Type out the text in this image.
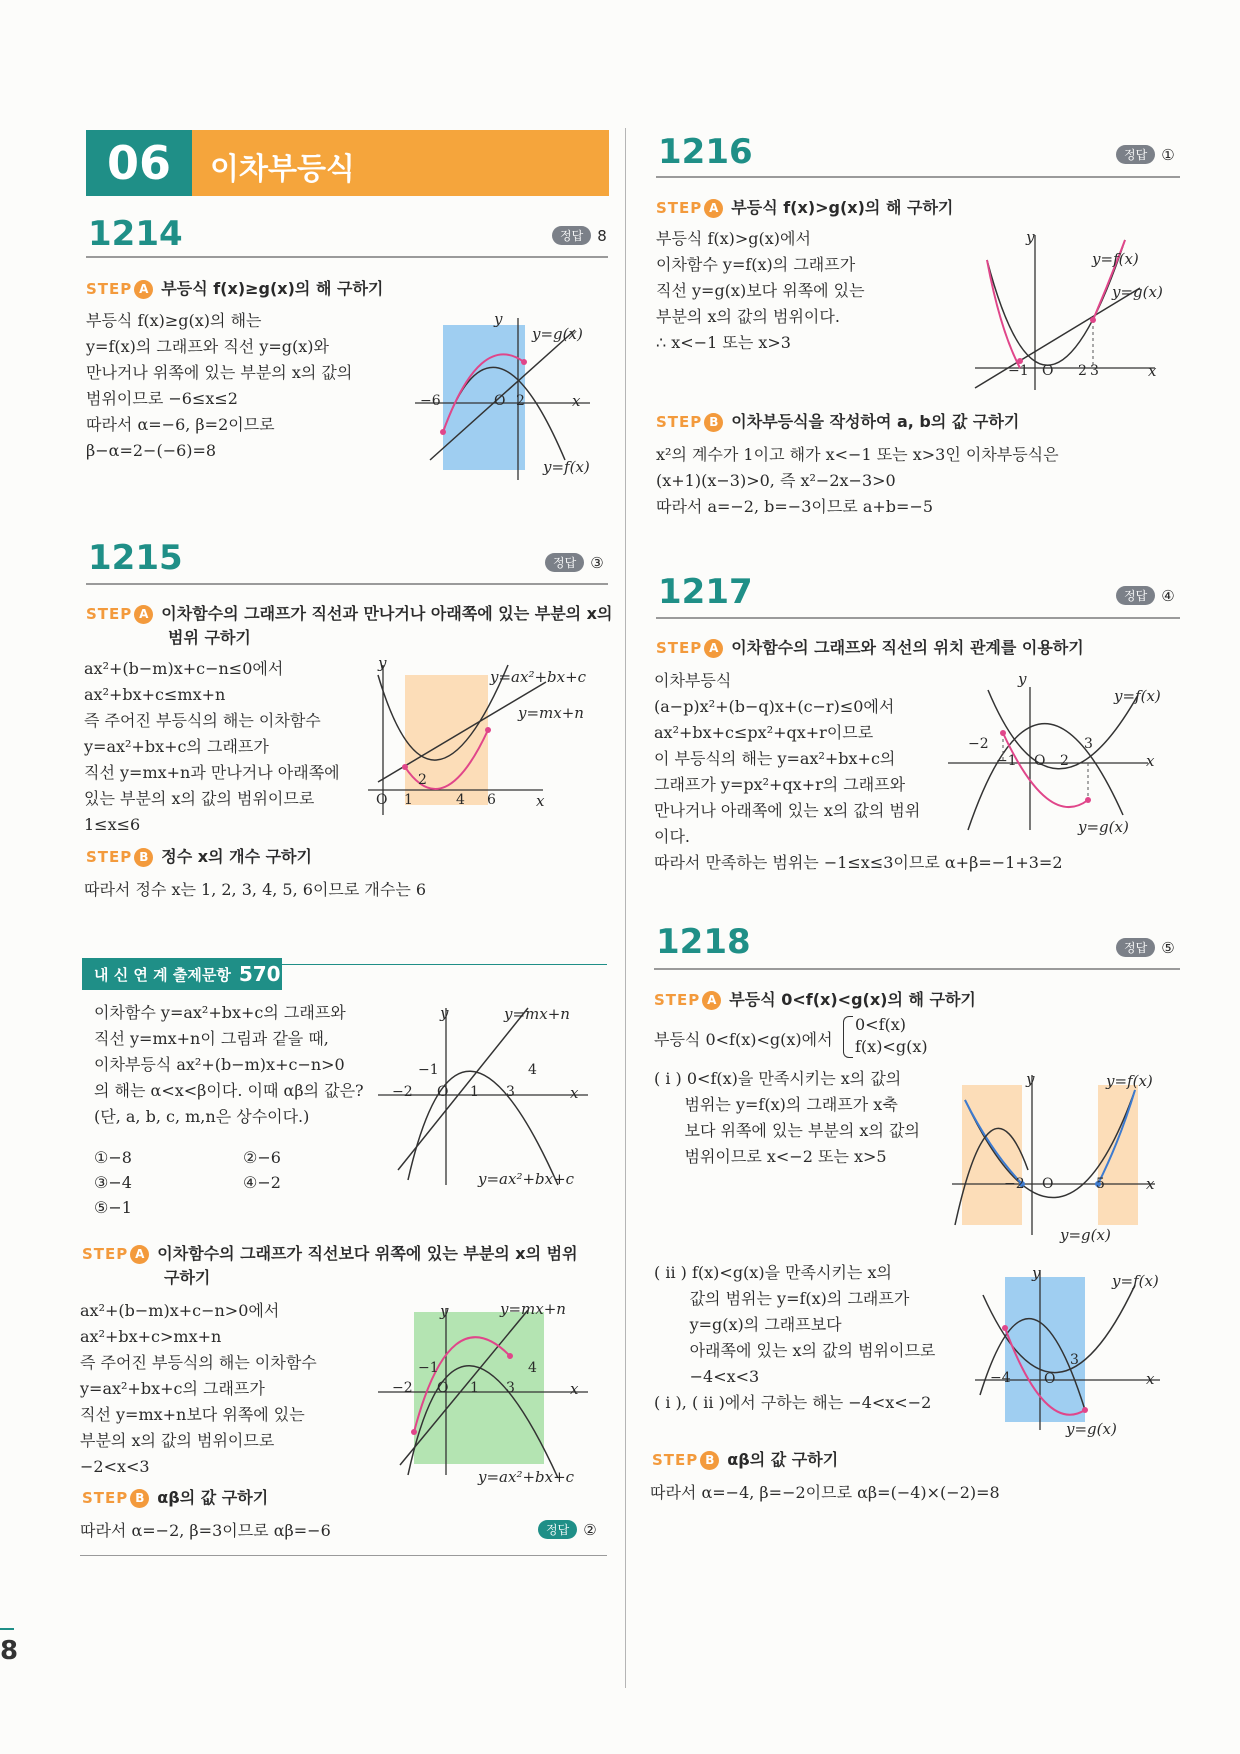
06	이차부등식
1214	정답 8
STEP A 부등식 f(x)≥g(x)의 해 구하기
부등식 f(x)≥g(x)의 해는
y=f(x)의 그래프와 직선 y=g(x)와
만나거나 위쪽에 있는 부분의 x의 값의
범위이므로 −6≤x≤2
따라서 α=−6, β=2이므로
β−α=2−(−6)=8
y
x
O
−6	2
y=g(x)
y=f(x)
1215	정답 ③
STEP A 이차함수의 그래프가 직선과 만나거나 아래쪽에 있는 부분의 x의
범위 구하기
ax²+(b−m)x+c−n≤0에서
ax²+bx+c≤mx+n
즉 주어진 부등식의 해는 이차함수
y=ax²+bx+c의 그래프가
직선 y=mx+n과 만나거나 아래쪽에
있는 부분의 x의 값의 범위이므로
1≤x≤6
y
x
O 1	4 6
2
y=ax²+bx+c
y=mx+n
STEP B 정수 x의 개수 구하기
따라서 정수 x는 1, 2, 3, 4, 5, 6이므로 개수는 6
내 신 연 계 출제문항 570
이차함수 y=ax²+bx+c의 그래프와
직선 y=mx+n이 그림과 같을 때,
이차부등식 ax²+(b−m)x+c−n>0
의 해는 α<x<β이다. 이때 αβ의 값은?
(단, a, b, c, m,n은 상수이다.)
①−8	②−6
③−4	④−2
⑤−1
y
x
O
−2
−1
1 3
4
y=mx+n
y=ax²+bx+c
STEP A 이차함수의 그래프가 직선보다 위쪽에 있는 부분의 x의 범위
구하기
ax²+(b−m)x+c−n>0에서
ax²+bx+c>mx+n
즉 주어진 부등식의 해는 이차함수
y=ax²+bx+c의 그래프가
직선 y=mx+n보다 위쪽에 있는
부분의 x의 값의 범위이므로
−2<x<3
y
x
O
−2
−1
1 3
4
y=mx+n
y=ax²+bx+c
STEP B αβ의 값 구하기
따라서 α=−2, β=3이므로 αβ=−6	정답 ②
1216	정답 ①
STEP A 부등식 f(x)>g(x)의 해 구하기
부등식 f(x)>g(x)에서
이차함수 y=f(x)의 그래프가
직선 y=g(x)보다 위쪽에 있는
부분의 x의 값의 범위이다.
∴ x<−1 또는 x>3
y
x
O
−1	2 3
y=f(x)
y=g(x)
STEP B 이차부등식을 작성하여 a, b의 값 구하기
x²의 계수가 1이고 해가 x<−1 또는 x>3인 이차부등식은
(x+1)(x−3)>0, 즉 x²−2x−3>0
따라서 a=−2, b=−3이므로 a+b=−5
1217	정답 ④
STEP A 이차함수의 그래프와 직선의 위치 관계를 이용하기
이차부등식
(a−p)x²+(b−q)x+(c−r)≤0에서
ax²+bx+c≤px²+qx+r이므로
이 부등식의 해는 y=ax²+bx+c의
그래프가 y=px²+qx+r의 그래프와
만나거나 아래쪽에 있는 x의 값의 범위
이다.
y
x
O
−2
−1	2
3
y=f(x)
y=g(x)
따라서 만족하는 범위는 −1≤x≤3이므로 α+β=−1+3=2
1218	정답 ⑤
STEP A 부등식 0<f(x)<g(x)의 해 구하기
부등식 0<f(x)<g(x)에서
0<f(x)
f(x)<g(x)
( i ) 0<f(x)을 만족시키는 x의 값의
범위는 y=f(x)의 그래프가 x축
보다 위쪽에 있는 부분의 x의 값의
범위이므로 x<−2 또는 x>5
y
x
O
−2	5
y=f(x)
y=g(x)
( ii ) f(x)<g(x)을 만족시키는 x의
값의 범위는 y=f(x)의 그래프가
y=g(x)의 그래프보다
아래쪽에 있는 x의 값의 범위이므로
−4<x<3
( i ), ( ii )에서 구하는 해는 −4<x<−2
y
x
O
−4
3
y=f(x)
y=g(x)
STEP B αβ의 값 구하기
따라서 α=−4, β=−2이므로 αβ=(−4)×(−2)=8
8
